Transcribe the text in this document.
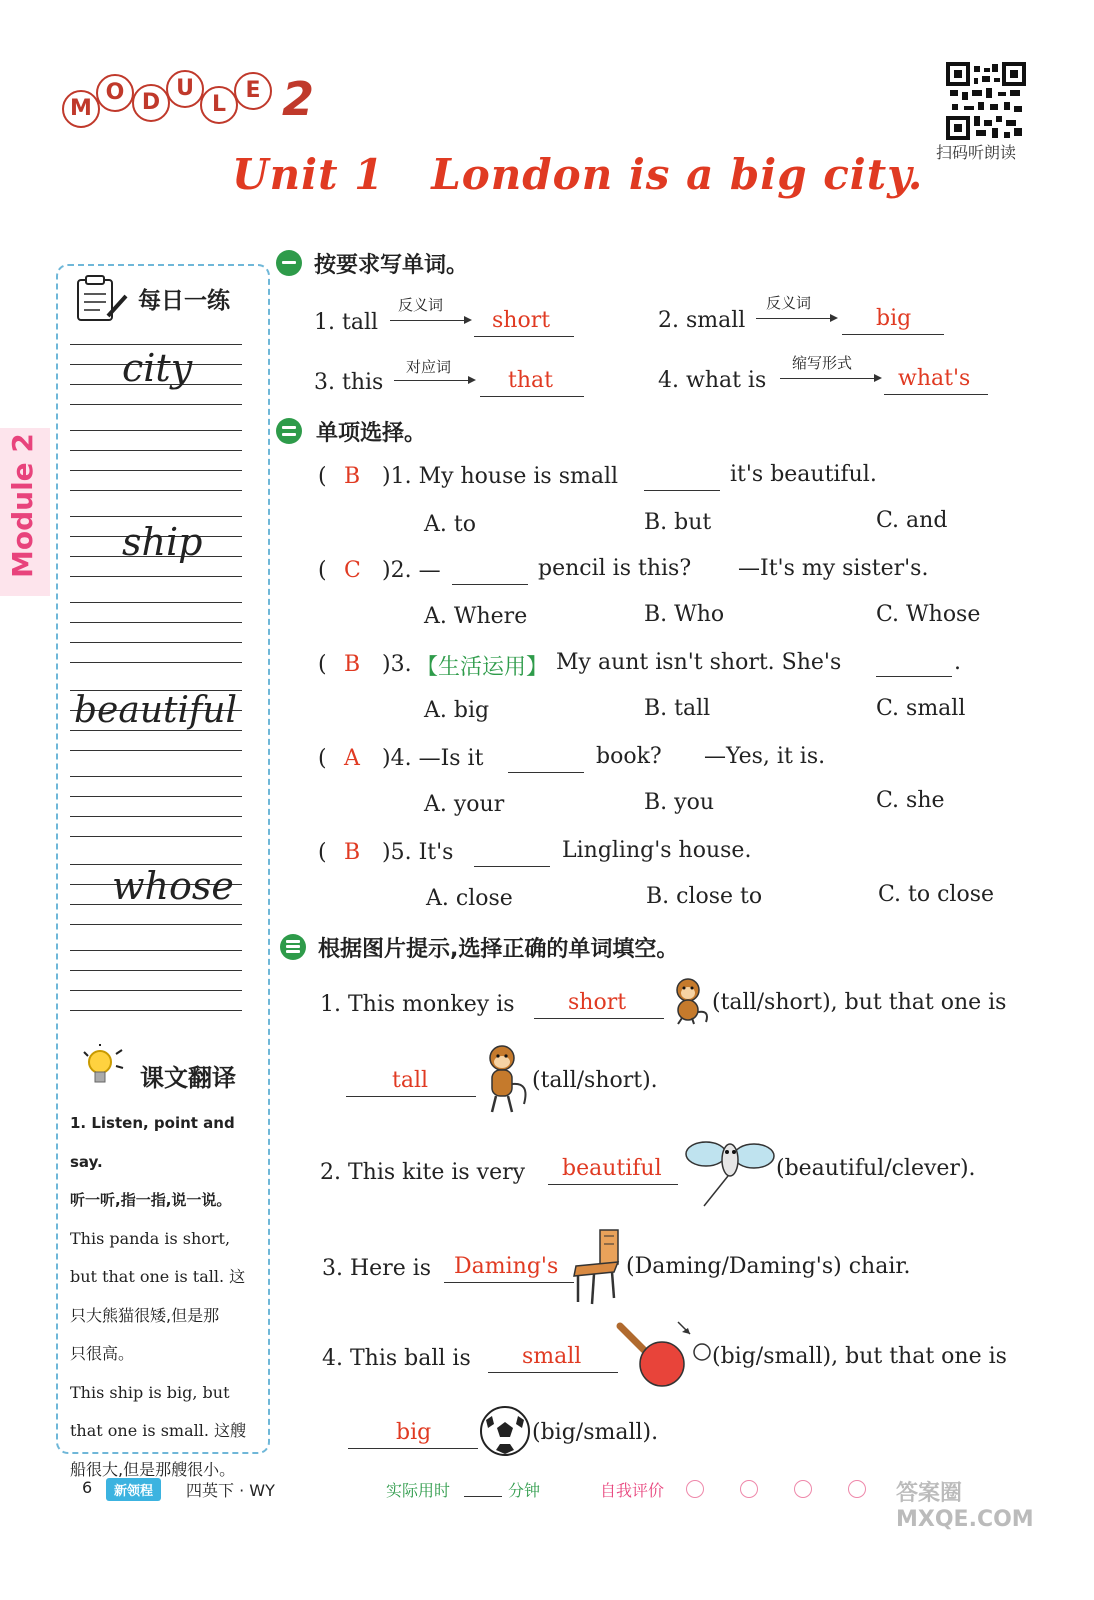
M
O D
U
L
E 2
Unit 1   London is a big city. 扫码听朗读
Module 2
每日一练
city
ship
beautiful
whose
课文翻译
1. Listen, point and say.
听一听,指一指,说一说。
This panda is short,
but that one is tall. 这
只大熊猫很矮,但是那
只很高。
This ship is big, but
that one is small. 这艘
船很大,但是那艘很小。
按要求写单词。
1. tall
反义词
short	2. small
反义词
big
3. this
对应词
that	4. what is
缩写形式
what's
单项选择。
( B )1. My house is small	it's beautiful.
A. to	B. but	C. and
( C )2. —	pencil is this? —It's my sister's.
A. Where	B. Who	C. Whose
( B )3. 【生活运用】 My aunt isn't short. She's	.
A. big	B. tall	C. small
( A )4. —Is it	book? —Yes, it is.
A. your	B. you	C. she
( B )5. It's	Lingling's house.
A. close	B. close to	C. to close
根据图片提示,选择正确的单词填空。
1. This monkey is short	(tall/short), but that one is
tall	(tall/short).
2. This kite is very beautiful	(beautiful/clever).
3. Here is Daming's	(Daming/Daming's) chair.
4. This ball is small	(big/small), but that one is
big	(big/small).
6	新领程	四英下 · WY	实际用时	分钟	自我评价	答案圈 MXQE.COM
